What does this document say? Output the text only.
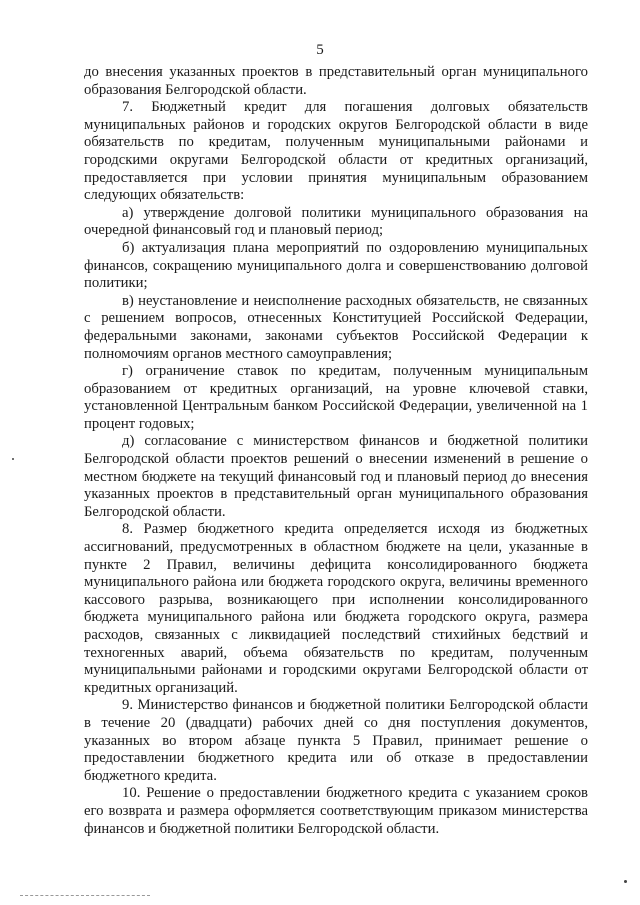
5

до внесения указанных проектов в представительный орган муниципального образования Белгородской области.

7. Бюджетный кредит для погашения долговых обязательств муниципальных районов и городских округов Белгородской области в виде обязательств по кредитам, полученным муниципальными районами и городскими округами Белгородской области от кредитных организаций, предоставляется при условии принятия муниципальным образованием следующих обязательств:

а) утверждение долговой политики муниципального образования на очередной финансовый год и плановый период;

б) актуализация плана мероприятий по оздоровлению муниципальных финансов, сокращению муниципального долга и совершенствованию долговой политики;

в) неустановление и неисполнение расходных обязательств, не связанных с решением вопросов, отнесенных Конституцией Российской Федерации, федеральными законами, законами субъектов Российской Федерации к полномочиям органов местного самоуправления;

г) ограничение ставок по кредитам, полученным муниципальным образованием от кредитных организаций, на уровне ключевой ставки, установленной Центральным банком Российской Федерации, увеличенной на 1 процент годовых;

д) согласование с министерством финансов и бюджетной политики Белгородской области проектов решений о внесении изменений в решение о местном бюджете на текущий финансовый год и плановый период до внесения указанных проектов в представительный орган муниципального образования Белгородской области.

8. Размер бюджетного кредита определяется исходя из бюджетных ассигнований, предусмотренных в областном бюджете на цели, указанные в пункте 2 Правил, величины дефицита консолидированного бюджета муниципального района или бюджета городского округа, величины временного кассового разрыва, возникающего при исполнении консолидированного бюджета муниципального района или бюджета городского округа, размера расходов, связанных с ликвидацией последствий стихийных бедствий и техногенных аварий, объема обязательств по кредитам, полученным муниципальными районами и городскими округами Белгородской области от кредитных организаций.

9. Министерство финансов и бюджетной политики Белгородской области в течение 20 (двадцати) рабочих дней со дня поступления документов, указанных во втором абзаце пункта 5 Правил, принимает решение о предоставлении бюджетного кредита или об отказе в предоставлении бюджетного кредита.

10. Решение о предоставлении бюджетного кредита с указанием сроков его возврата и размера оформляется соответствующим приказом министерства финансов и бюджетной политики Белгородской области.
